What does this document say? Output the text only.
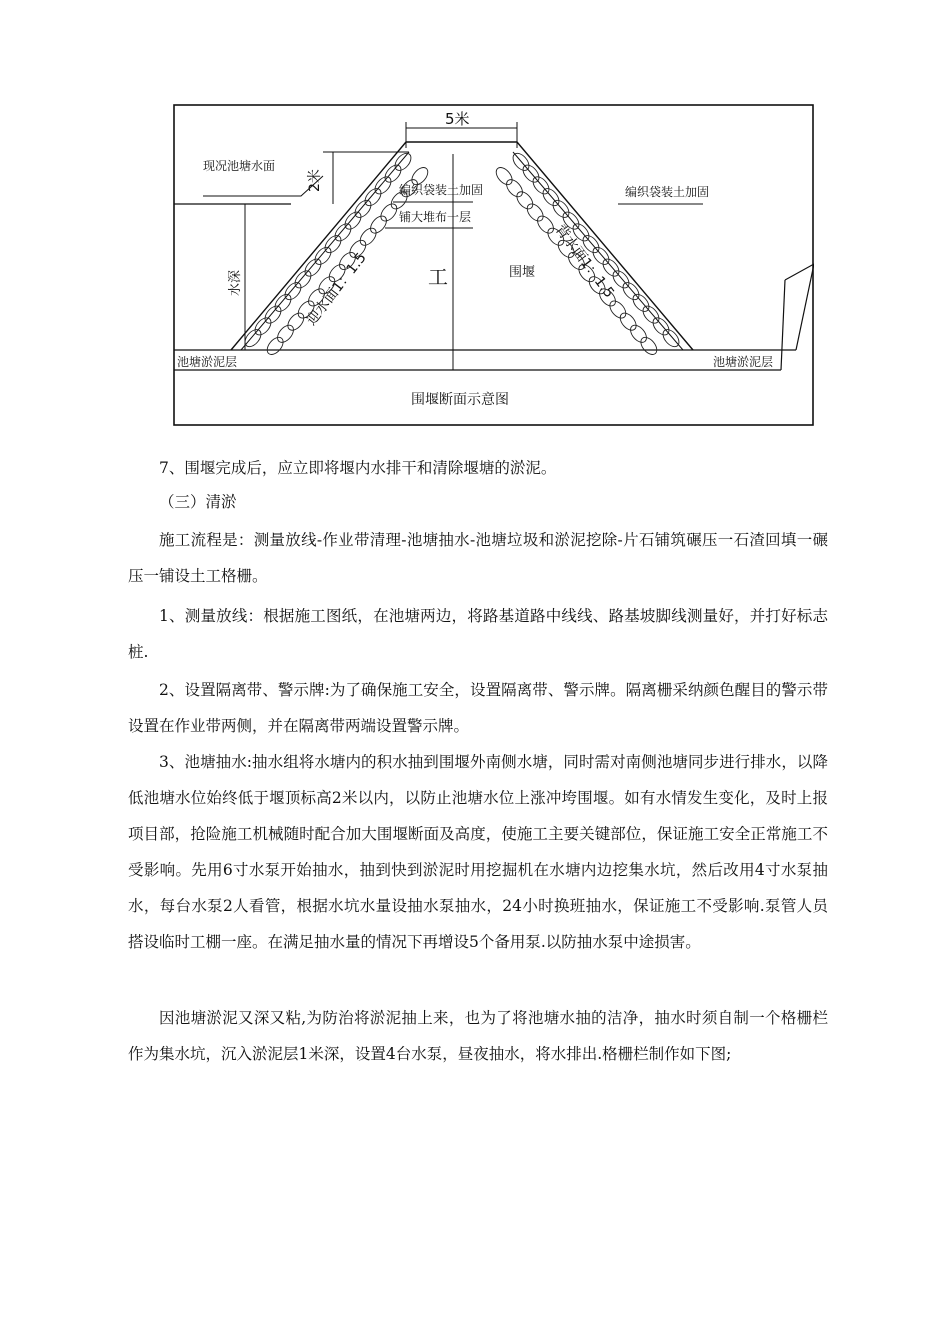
5米
2米
水深	工
现况池塘水面
编织袋装土加固
铺大堆布一层
编织袋装土加固
迎水面1：1.5	背水面1：1.5
围堰
池塘淤泥层	池塘淤泥层
围堰断面示意图

7、围堰完成后，应立即将堰内水排干和清除堰塘的淤泥。

（三）清淤

施工流程是：测量放线-作业带清理-池塘抽水-池塘垃圾和淤泥挖除-片石铺筑碾压一石渣回填一碾压一铺设土工格栅。

1、测量放线：根据施工图纸，在池塘两边，将路基道路中线线、路基坡脚线测量好，并打好标志桩.

2、设置隔离带、警示牌:为了确保施工安全，设置隔离带、警示牌。隔离栅采纳颜色醒目的警示带设置在作业带两侧，并在隔离带两端设置警示牌。

3、池塘抽水:抽水组将水塘内的积水抽到围堰外南侧水塘，同时需对南侧池塘同步进行排水，以降低池塘水位始终低于堰顶标高2米以内，以防止池塘水位上涨冲垮围堰。如有水情发生变化，及时上报项目部，抢险施工机械随时配合加大围堰断面及高度，使施工主要关键部位，保证施工安全正常施工不受影响。先用6寸水泵开始抽水，抽到快到淤泥时用挖掘机在水塘内边挖集水坑，然后改用4寸水泵抽水，每台水泵2人看管，根据水坑水量设抽水泵抽水，24小时换班抽水，保证施工不受影响.泵管人员搭设临时工棚一座。在满足抽水量的情况下再增设5个备用泵.以防抽水泵中途损害。

因池塘淤泥又深又粘,为防治将淤泥抽上来，也为了将池塘水抽的洁净，抽水时须自制一个格栅栏作为集水坑，沉入淤泥层1米深，设置4台水泵，昼夜抽水，将水排出.格栅栏制作如下图;
